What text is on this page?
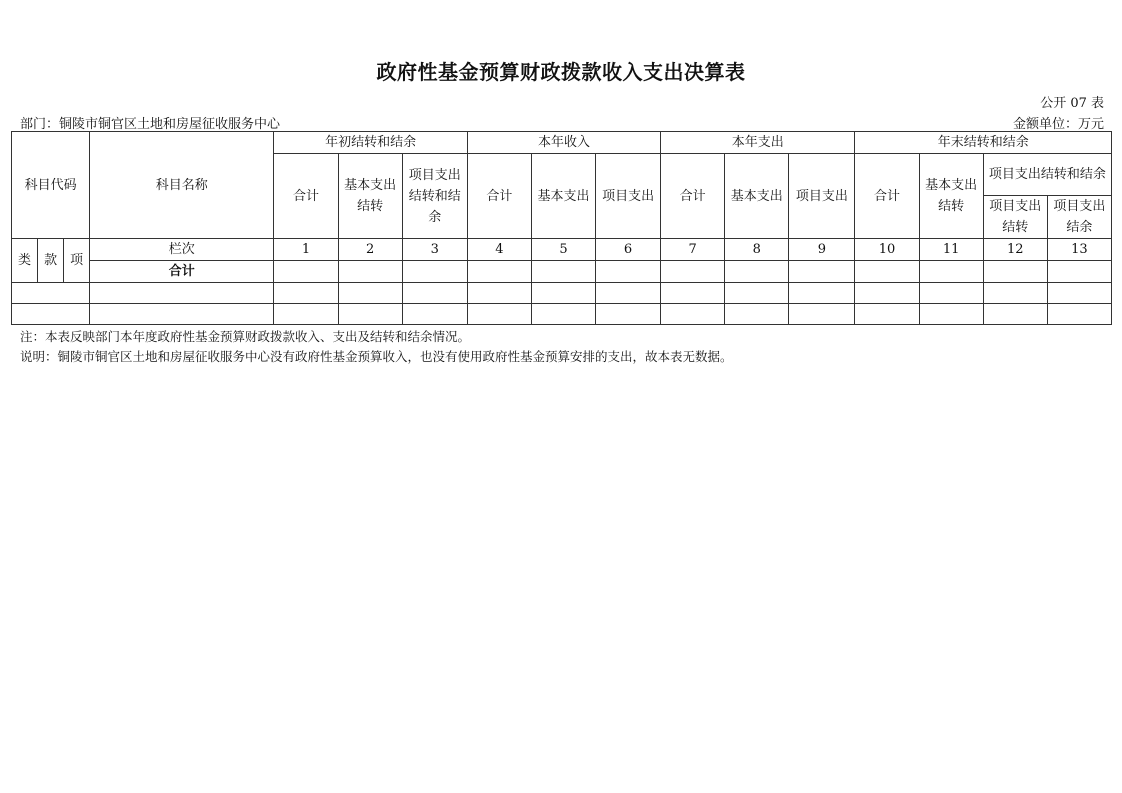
政府性基金预算财政拨款收入支出决算表
公开 07 表
部门：铜陵市铜官区土地和房屋征收服务中心	金额单位：万元
科目代码			科目名称	年初结转和结余			本年收入			本年支出			年末结转和结余			
				合计	基本支出结转	项目支出结转和结余	合计	基本支出	项目支出	合计	基本支出	项目支出	合计	基本支出结转	项目支出结转和结余	
															项目支出结转	项目支出结余
类	款	项	栏次	1	2	3	4	5	6	7	8	9	10	11	12	13
			合计													

注：本表反映部门本年度政府性基金预算财政拨款收入、支出及结转和结余情况。
说明：铜陵市铜官区土地和房屋征收服务中心没有政府性基金预算收入，也没有使用政府性基金预算安排的支出，故本表无数据。
